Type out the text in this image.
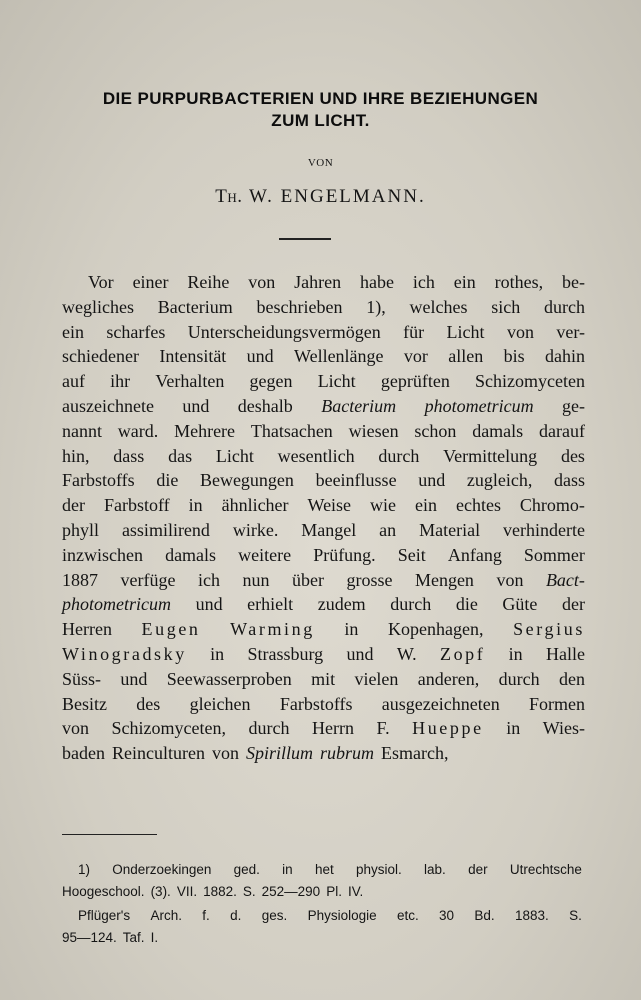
DIE PURPURBACTERIEN UND IHRE BEZIEHUNGEN
ZUM LICHT.
VON
Th. W. ENGELMANN.
Vor einer Reihe von Jahren habe ich ein rothes, be-
wegliches Bacterium beschrieben 1), welches sich durch
ein scharfes Unterscheidungsvermögen für Licht von ver-
schiedener Intensität und Wellenlänge vor allen bis dahin
auf ihr Verhalten gegen Licht geprüften Schizomyceten
auszeichnete und deshalb Bacterium photometricum ge-
nannt ward. Mehrere Thatsachen wiesen schon damals darauf
hin, dass das Licht wesentlich durch Vermittelung des
Farbstoffs die Bewegungen beeinflusse und zugleich, dass
der Farbstoff in ähnlicher Weise wie ein echtes Chromo-
phyll assimilirend wirke. Mangel an Material verhinderte
inzwischen damals weitere Prüfung. Seit Anfang Sommer
1887 verfüge ich nun über grosse Mengen von Bact-
photometricum und erhielt zudem durch die Güte der
Herren Eugen Warming in Kopenhagen, Sergius
Winogradsky in Strassburg und W. Zopf in Halle
Süss- und Seewasserproben mit vielen anderen, durch den
Besitz des gleichen Farbstoffs ausgezeichneten Formen
von Schizomyceten, durch Herrn F. Hueppe in Wies-
baden Reinculturen von Spirillum rubrum Esmarch,
1) Onderzoekingen ged. in het physiol. lab. der Utrechtsche
Hoogeschool. (3). VII. 1882. S. 252—290 Pl. IV.
Pflüger's Arch. f. d. ges. Physiologie etc. 30 Bd. 1883. S.
95—124. Taf. I.
